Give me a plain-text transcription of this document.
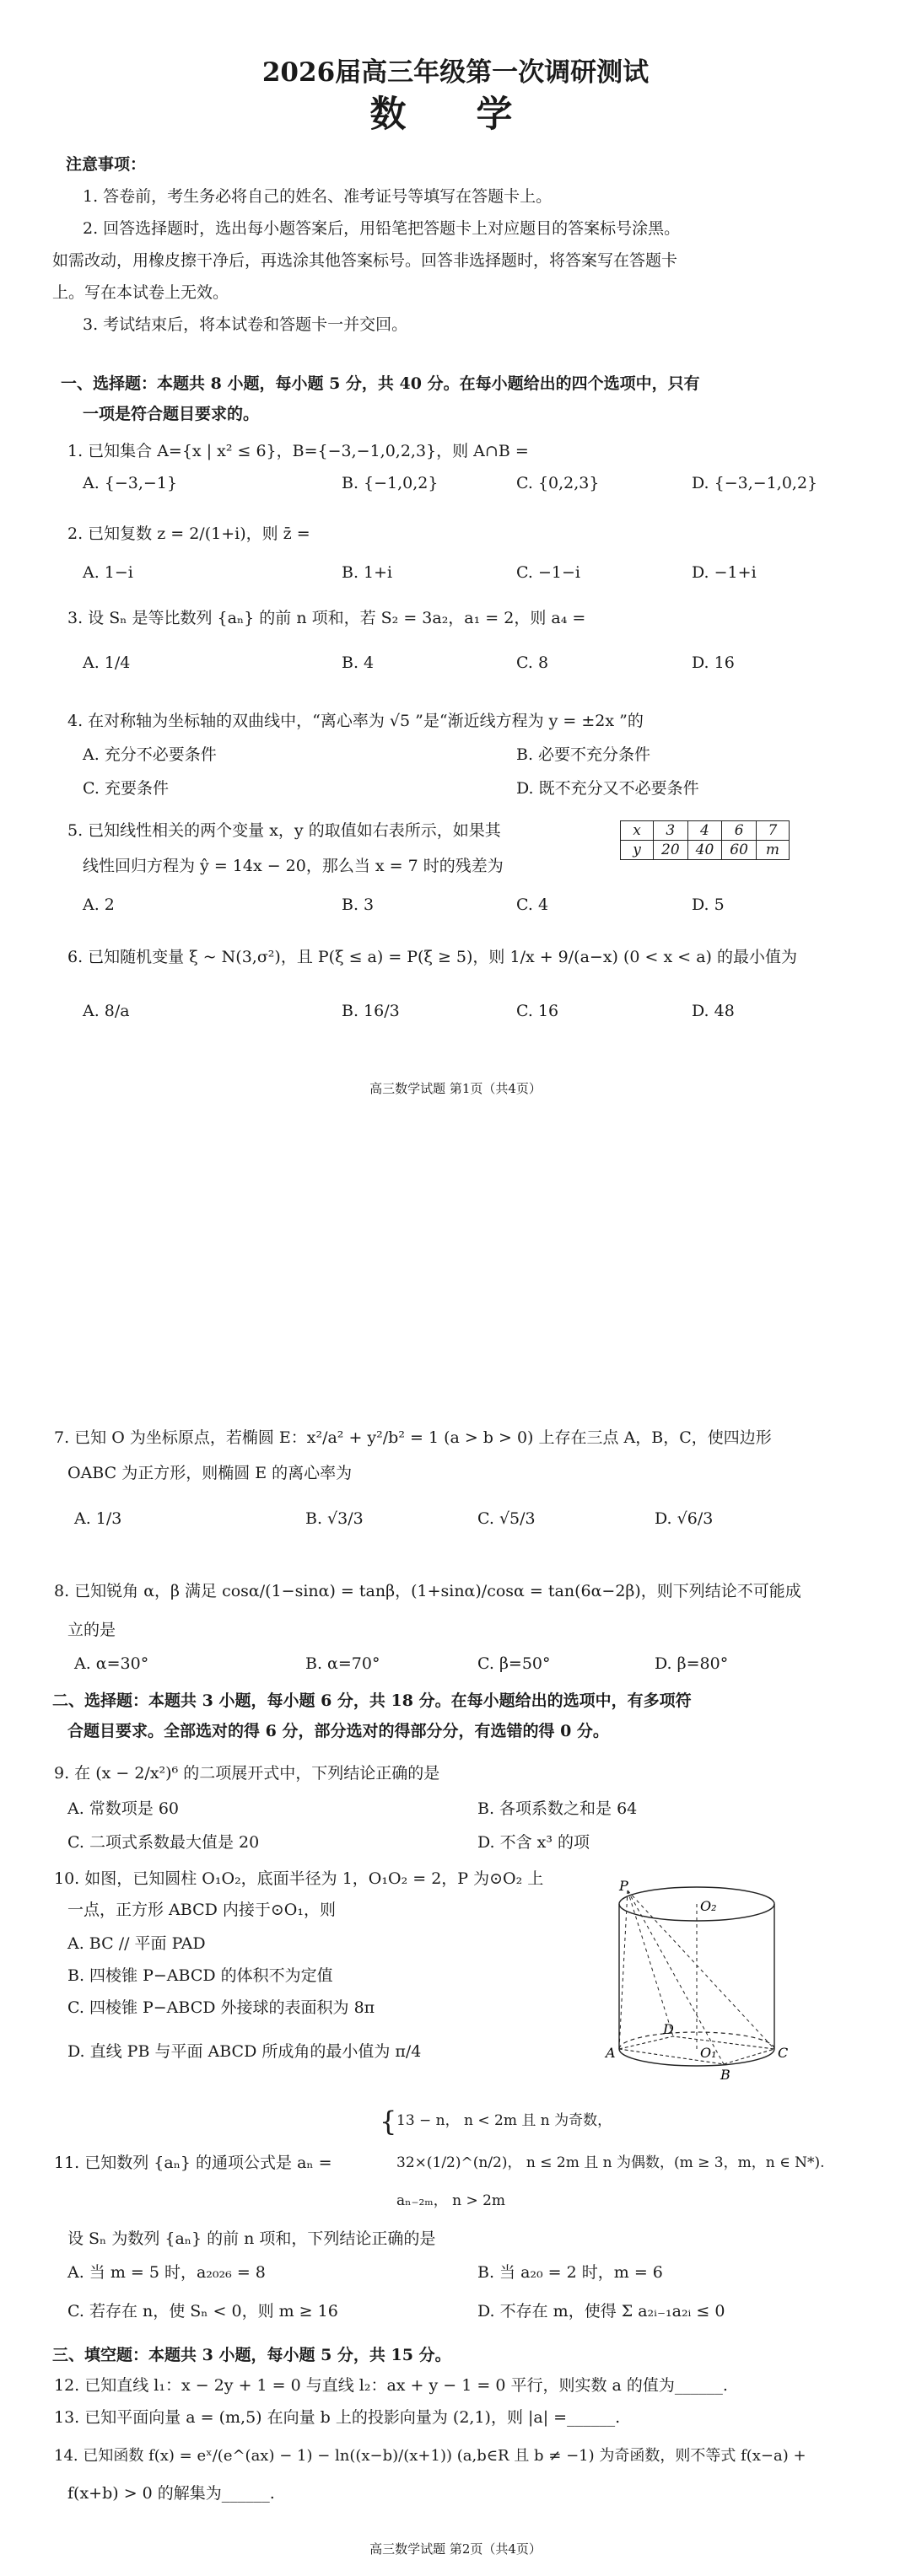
2026届高三年级第一次调研测试
数 学
注意事项：
1. 答卷前，考生务必将自己的姓名、准考证号等填写在答题卡上。
2. 回答选择题时，选出每小题答案后，用铅笔把答题卡上对应题目的答案标号涂黑。
如需改动，用橡皮擦干净后，再选涂其他答案标号。回答非选择题时，将答案写在答题卡
上。写在本试卷上无效。
3. 考试结束后，将本试卷和答题卡一并交回。
一、选择题：本题共 8 小题，每小题 5 分，共 40 分。在每小题给出的四个选项中，只有
一项是符合题目要求的。
1. 已知集合 A={x | x² ≤ 6}，B={−3,−1,0,2,3}，则 A∩B =
A. {−3,−1}	B. {−1,0,2}	C. {0,2,3}	D. {−3,−1,0,2}
2. 已知复数 z = 2/(1+i)，则 z̄ =
A. 1−i	B. 1+i	C. −1−i	D. −1+i
3. 设 Sₙ 是等比数列 {aₙ} 的前 n 项和，若 S₂ = 3a₂，a₁ = 2，则 a₄ =
A. 1/4	B. 4	C. 8	D. 16
4. 在对称轴为坐标轴的双曲线中，“离心率为 √5 ”是“渐近线方程为 y = ±2x ”的
A. 充分不必要条件	B. 必要不充分条件
C. 充要条件	D. 既不充分又不必要条件
5. 已知线性相关的两个变量 x，y 的取值如右表所示，如果其
线性回归方程为 ŷ = 14x − 20，那么当 x = 7 时的残差为
x	3	4	6	7
y	20	40	60	m
A. 2	B. 3	C. 4	D. 5
6. 已知随机变量 ξ ~ N(3,σ²)，且 P(ξ ≤ a) = P(ξ ≥ 5)，则 1/x + 9/(a−x) (0 < x < a) 的最小值为
A. 8/a	B. 16/3	C. 16	D. 48
高三数学试题 第1页（共4页）
7. 已知 O 为坐标原点，若椭圆 E：x²/a² + y²/b² = 1 (a > b > 0) 上存在三点 A，B，C，使四边形
OABC 为正方形，则椭圆 E 的离心率为
A. 1/3	B. √3/3	C. √5/3	D. √6/3
8. 已知锐角 α，β 满足 cosα/(1−sinα) = tanβ，(1+sinα)/cosα = tan(6α−2β)，则下列结论不可能成
立的是
A. α=30°	B. α=70°	C. β=50°	D. β=80°
二、选择题：本题共 3 小题，每小题 6 分，共 18 分。在每小题给出的选项中，有多项符
合题目要求。全部选对的得 6 分，部分选对的得部分分，有选错的得 0 分。
9. 在 (x − 2/x²)⁶ 的二项展开式中，下列结论正确的是
A. 常数项是 60	B. 各项系数之和是 64
C. 二项式系数最大值是 20	D. 不含 x³ 的项
10. 如图，已知圆柱 O₁O₂，底面半径为 1，O₁O₂ = 2，P 为⊙O₂ 上
一点，正方形 ABCD 内接于⊙O₁，则
A. BC // 平面 PAD
B. 四棱锥 P−ABCD 的体积不为定值
C. 四棱锥 P−ABCD 外接球的表面积为 8π
D. 直线 PB 与平面 ABCD 所成角的最小值为 π/4
P
O₂
A
B
C
D
O₁
11. 已知数列 {aₙ} 的通项公式是 aₙ =
{ 13 − n， n < 2m 且 n 为奇数，
32×(1/2)^(n/2)， n ≤ 2m 且 n 为偶数，(m ≥ 3，m，n ∈ N*).
aₙ₋₂ₘ， n > 2m
设 Sₙ 为数列 {aₙ} 的前 n 项和，下列结论正确的是
A. 当 m = 5 时，a₂₀₂₆ = 8	B. 当 a₂₀ = 2 时，m = 6
C. 若存在 n，使 Sₙ < 0，则 m ≥ 16	D. 不存在 m，使得 Σ a₂ᵢ₋₁a₂ᵢ ≤ 0
三、填空题：本题共 3 小题，每小题 5 分，共 15 分。
12. 已知直线 l₁：x − 2y + 1 = 0 与直线 l₂：ax + y − 1 = 0 平行，则实数 a 的值为______.
13. 已知平面向量 a = (m,5) 在向量 b 上的投影向量为 (2,1)，则 |a| =______.
14. 已知函数 f(x) = eˣ/(e^(ax) − 1) − ln((x−b)/(x+1)) (a,b∈R 且 b ≠ −1) 为奇函数，则不等式 f(x−a) +
f(x+b) > 0 的解集为______.
高三数学试题 第2页（共4页）
